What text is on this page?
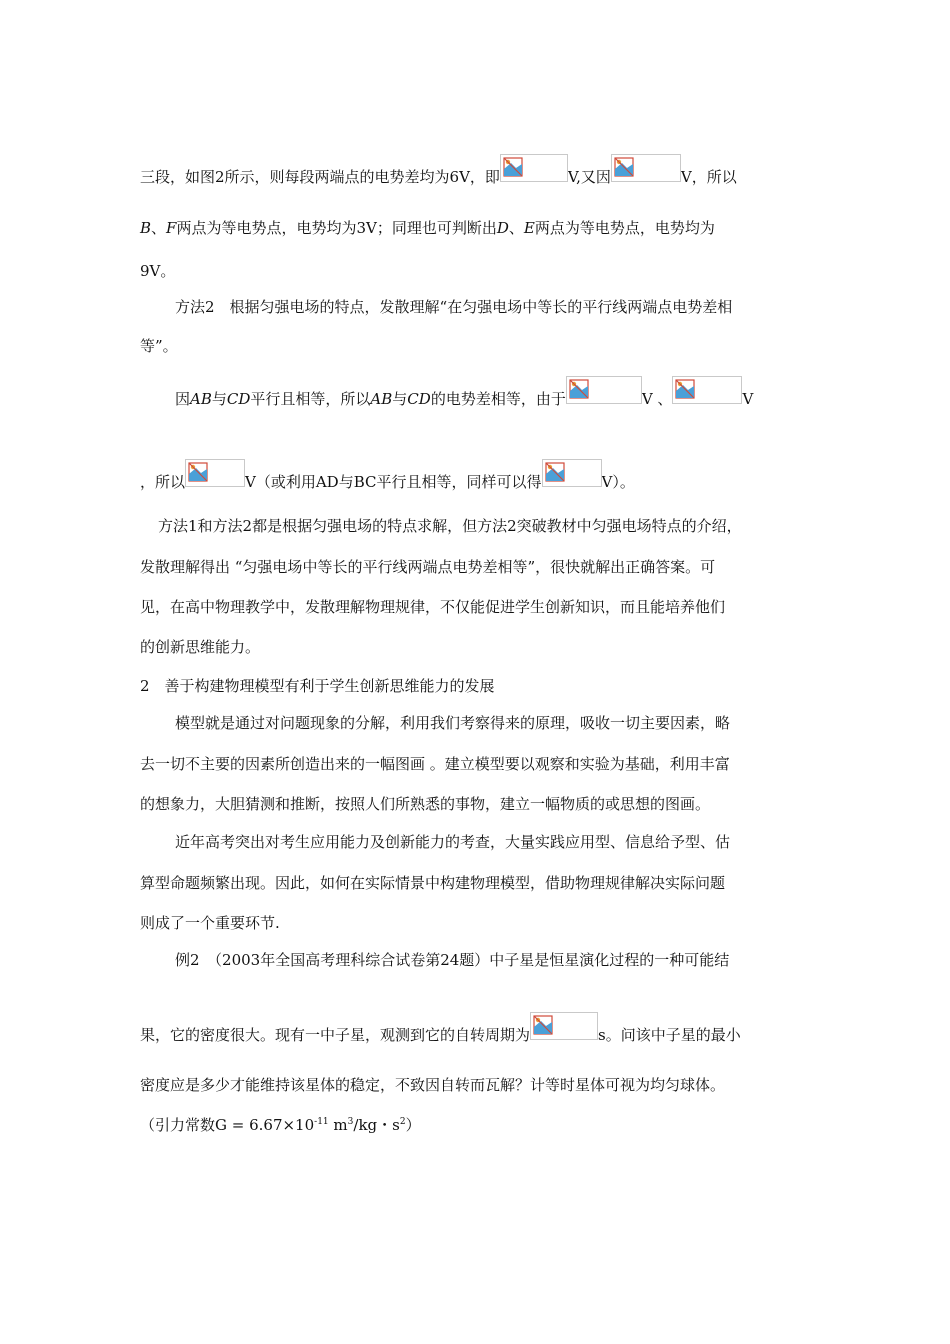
三段，如图2所示，则每段两端点的电势差均为6V，即	V,又因	V，所以
B、F两点为等电势点，电势均为3V；同理也可判断出D、E两点为等电势点，电势均为
9V。
方法2　根据匀强电场的特点，发散理解“在匀强电场中等长的平行线两端点电势差相
等”。
因AB与CD平行且相等，所以AB与CD的电势差相等，由于	V 、	V
，所以	V（或利用AD与BC平行且相等，同样可以得	V）。
方法1和方法2都是根据匀强电场的特点求解，但方法2突破教材中匀强电场特点的介绍，
发散理解得出 “匀强电场中等长的平行线两端点电势差相等”，很快就解出正确答案。可
见，在高中物理教学中，发散理解物理规律，不仅能促进学生创新知识，而且能培养他们
的创新思维能力。
2　善于构建物理模型有利于学生创新思维能力的发展
模型就是通过对问题现象的分解，利用我们考察得来的原理，吸收一切主要因素，略
去一切不主要的因素所创造出来的一幅图画 。建立模型要以观察和实验为基础，利用丰富
的想象力，大胆猜测和推断，按照人们所熟悉的事物，建立一幅物质的或思想的图画。
近年高考突出对考生应用能力及创新能力的考查，大量实践应用型、信息给予型、估
算型命题频繁出现。因此，如何在实际情景中构建物理模型，借助物理规律解决实际问题
则成了一个重要环节.
例2　（2003年全国高考理科综合试卷第24题）中子星是恒星演化过程的一种可能结
果，它的密度很大。现有一中子星，观测到它的自转周期为	s。问该中子星的最小
密度应是多少才能维持该星体的稳定，不致因自转而瓦解？计等时星体可视为均匀球体。
（引力常数$G = 6.67\times 10^{-11}$ $m^3/kg$・$s^2$）
